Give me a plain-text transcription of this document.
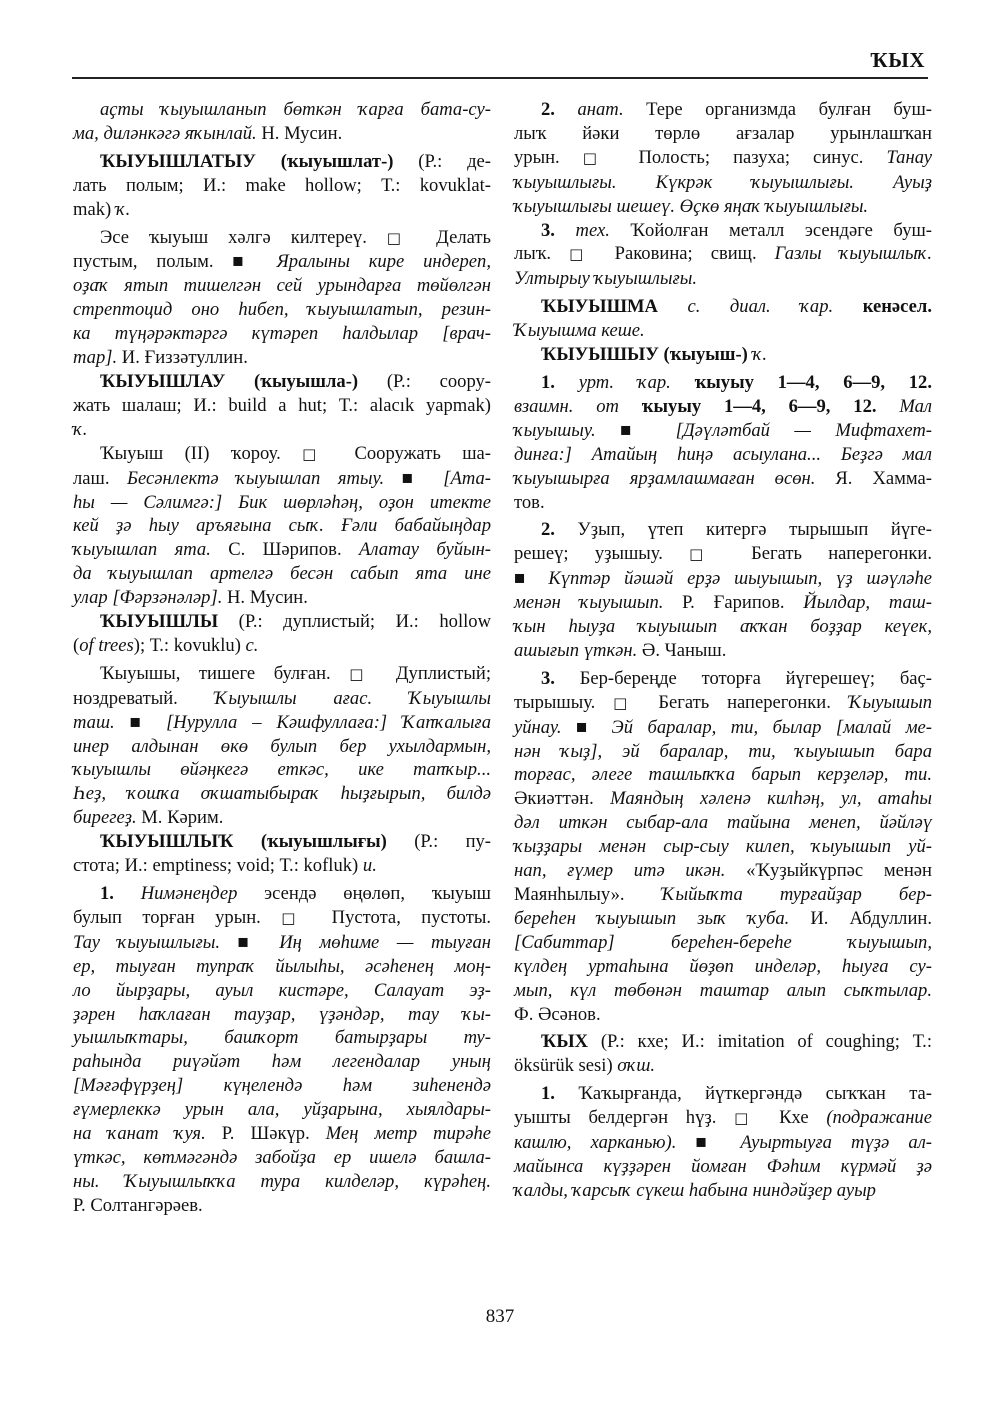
ҠЫХ
аҫты ҡыуышланып бөткән ҡарға бата-су-
ма, диләнкәгә яҡынлай. Н. Мусин.
ҠЫУЫШЛАТЫУ (ҡыуышлат-) (Р.: де-
лать полым; И.: make hollow; Т.: kovuklat-
mak) ҡ.
Эсе ҡыуыш хәлгә килтереү. □ Делать
пустым, полым. ■ Яралыны кире индереп,
оҙаҡ ятып тишелгән сей урындарға төйөлгән
стрептоцид оно һибеп, ҡыуышлатып, резин-
ка түңәрәктәргә күтәреп һалдылар [врач-
тар]. И. Ғиззәтуллин.
ҠЫУЫШЛАУ (ҡыуышла-) (Р.: соору-
жать шалаш; И.: build a hut; Т.: alacık yapmak)
ҡ.
Ҡыуыш (II) ҡороу. □ Сооружать ша-
лаш. Бесәнлектә ҡыуышлап ятыу. ■ [Ата-
һы — Сәлимгә:] Бик шөрләһәң, оҙон итекте
кей ҙә һыу аръяғына сыҡ. Ғәли бабайыңдар
ҡыуышлап ята. С. Шәрипов. Алатау буйын-
да ҡыуышлап артелгә бесән сабып ята ине
улар [Фәрзәнәләр]. Н. Мусин.
ҠЫУЫШЛЫ (Р.: дуплистый; И.: hollow
(of trees); Т.: kovuklu) с.
Ҡыуышы, тишеге булған. □ Дуплистый;
ноздреватый. Ҡыуышлы ағас. Ҡыуышлы
таш. ■ [Нурулла – Кәшфуллаға:] Ҡапҡалыға
инер алдынан өкө булып бер ухылдармын,
ҡыуышлы өйәңкегә еткәс, ике тапҡыр...
Һеҙ, ҡошҡа оҡшатыбыраҡ һыҙғырып, билдә
бирегеҙ. М. Кәрим.
ҠЫУЫШЛЫҠ (ҡыуышлығы) (Р.: пу-
стота; И.: emptiness; void; Т.: kofluk) и.
1. Нимәнеңдер эсендә өңөлөп, ҡыуыш
булып торған урын. □ Пустота, пустоты.
Тау ҡыуышлығы. ■ Иң мөһиме — тыуған
ер, тыуған тупраҡ йылыһы, әсәһенең моң-
ло йырҙары, ауыл кистәре, Салауат эҙ-
ҙәрен һаҡлаған тауҙар, үҙәндәр, тау ҡы-
уышлыҡтары, башҡорт батырҙары ту-
раһында риүәйәт һәм легендалар уның
[Мәғәфүрҙең] күңелендә һәм зиһенендә
ғүмерлеккә урын ала, уйҙарына, хыялдары-
на ҡанат ҡуя. Р. Шәкүр. Мең метр тирәһе
үткәс, көтмәгәндә забойҙа ер ишелә башла-
ны. Ҡыуышлыҡҡа тура килделәр, күрәһең.
Р. Солтангәрәев.
2. анат. Тере организмда булған буш-
лыҡ йәки төрлө ағзалар урынлашҡан
урын. □ Полость; пазуха; синус. Танау
ҡыуышлығы. Күкрәк ҡыуышлығы. Ауыҙ
ҡыуышлығы шешеү. Өҫкө яңаҡ ҡыуышлығы.
3. тех. Ҡойолған металл эсендәге буш-
лыҡ. □ Раковина; свищ. Газлы ҡыуышлыҡ.
Ултырыу ҡыуышлығы.
ҠЫУЫШМА с. диал. ҡар. кенәсел.
Ҡыуышма кеше.
ҠЫУЫШЫУ (ҡыуыш-) ҡ.
1. урт. ҡар. ҡыуыу 1—4, 6—9, 12.
взаимн. от ҡыуыу 1—4, 6—9, 12. Мал
ҡыуышыу. ■ [Дәүләтбай — Мифтахет-
динға:] Атайың һиңә асыулана... Беҙгә мал
ҡыуышырға ярҙамлашмаған өсөн. Я. Хамма-
тов.
2. Уҙып, үтеп китергә тырышып йүге-
решеү; уҙышыу. □ Бегать наперегонки.
■ Күптәр йәшәй ерҙә шыуышып, үҙ шәүләһе
менән ҡыуышып. Р. Ғарипов. Йылдар, таш-
ҡын һыуҙа ҡыуышып аҡҡан боҙҙар кеүек,
ашығып үткән. Ә. Чаныш.
3. Бер-береңде тоторға йүгерешеү; баҫ-
тырышыу. □ Бегать наперегонки. Ҡыуышып
уйнау. ■ Эй баралар, ти, былар [малай ме-
нән ҡыҙ], эй баралар, ти, ҡыуышып бара
торғас, әлеге ташлыҡҡа барып керҙеләр, ти.
Әкиәттән. Маяндың хәленә килһәң, ул, атаһы
дәл иткән сыбар-ала тайына менеп, йәйләү
ҡыҙҙары менән сыр-сыу килеп, ҡыуышып уй-
нап, ғүмер итә икән. «Ҡуҙыйкүрпәс менән
Маянһылыу». Ҡыйыҡта турғайҙар бер-
береһен ҡыуышып зыҡ ҡуба. И. Абдуллин.
[Сабиттар] береһен-береһе ҡыуышып,
күлдең уртаһына йөҙөп инделәр, һыуға су-
мып, күл төбөнән таштар алып сыҡтылар.
Ф. Әсәнов.
ҠЫХ (Р.: кхе; И.: imitation of coughing; Т.:
öksürük sesi) оҡш.
1. Ҡаҡырғанда, йүткергәндә сыҡҡан та-
уышты белдергән һүҙ. □ Кхе (подражание
кашлю, харканью). ■ Ауыртыуға түҙә ал-
майынса күҙҙәрен йомған Фәһим күрмәй ҙә
ҡалды, ҡарсыҡ сүкеш һабына ниндәйҙер ауыр
837
